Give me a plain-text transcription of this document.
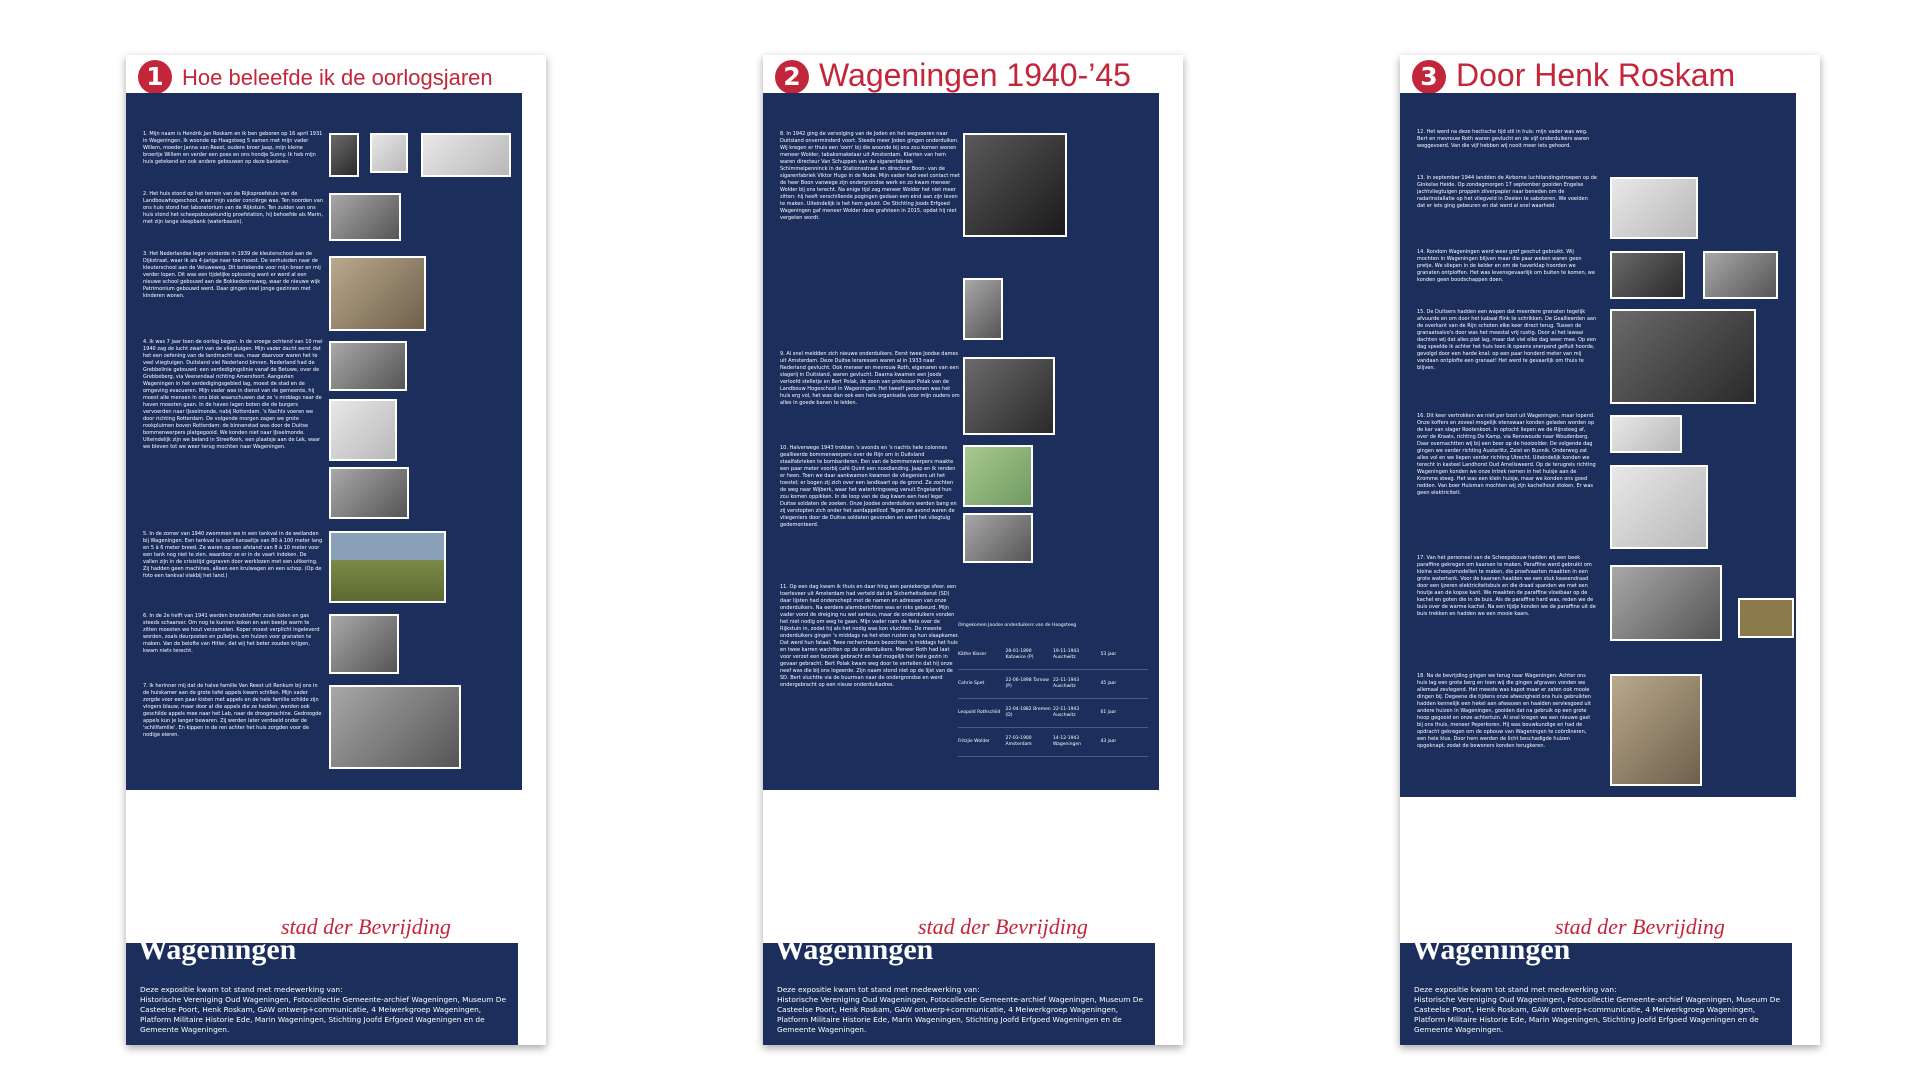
1 Hoe beleefde ik de oorlogsjaren
1. Mijn naam is Hendrik Jan Roskam en ik ben geboren op 16 april 1931 in Wageningen. Ik woonde op Haagsteeg 5 samen met mijn vader Willem, moeder Janna van Reest, oudere broer Jaap, mijn kleine broertje Willem en verder een poes en ons hondje Sunny. Ik heb mijn huis getekend en ook andere gebouwen op deze banieren.
2. Het huis stond op het terrein van de Rijksproefstuin van de Landbouwhogeschool, waar mijn vader conciërge was. Ten noorden van ons huis stond het laboratorium van de Rijkstuin. Ten zuiden van ons huis stond het scheepsbouwkundig proefstation, hij behoefde als Marin, met zijn lange sleepbank (waterbassin).
3. Het Nederlandse leger vorderde in 1939 de kleuterschool aan de Dijkstraat, waar ik als 4-jarige naar toe moest. De verhuisden naar de kleuterschool aan de Veluweweg. Dit betekende voor mijn broer en mij verder lopen. Dit was een tijdelijke oplossing want er werd al een nieuwe school gebouwd aan de Bokkedoornsweg, waar de nieuwe wijk Patrimonium gebouwd werd. Daar gingen veel jonge gezinnen met kinderen wonen.
4. Ik was 7 jaar toen de oorlog begon. In de vroege ochtend van 10 mei 1940 zag de lucht zwart van de vliegtuigen. Mijn vader dacht eerst dat het een oefening van de landmacht was, maar daarvoor waren het te veel vliegtuigen. Duitsland viel Nederland binnen. Nederland had de Grebbelinie gebouwd: een verdedigingslinie vanaf de Betuwe, over de Grebbeberg, via Veenendaal richting Amersfoort. Aangezien Wageningen in het verdedigingsgebied lag, moest de stad en de omgeving evacueren. Mijn vader was in dienst van de gemeente, hij moest alle mensen in ons blok waarschuwen dat ze 's middags naar de haven moesten gaan. In de haven lagen boten die de burgers vervoerden naar IJsselmonde, nabij Rotterdam. 's Nachts voeren we door richting Rotterdam. De volgende morgen zagen we grote rookpluimen boven Rotterdam: de binnenstad was door de Duitse bommenwerpers platgegooid. We konden niet naar IJsselmonde. Uiteindelijk zijn we beland in Streefkerk, een plaatsje aan de Lek, waar we bleven tot we weer terug mochten naar Wageningen.
5. In de zomer van 1940 zwommen we in een tankval in de weilanden bij Wageningen. Een tankval is soort kanaaltje van 80 à 100 meter lang en 5 à 6 meter breed. Ze waren op een afstand van 8 à 10 meter voor een tank nog niet te zien, waardoor ze er in de vaart indoken. De vallen zijn in de crisistijd gegraven door werklozen met een uitkering. Zij hadden geen machines, alleen een kruiwagen en een schop. (Op de foto een tankval vlakbij het land.)
6. In de 2e helft van 1941 werden brandstoffen zoals kolen en gas steeds schaarser. Om nog te kunnen koken en een beetje warm te zitten moesten we hout verzamelen. Koper moest verplicht ingeleverd worden, zoals deurposten en pulletjes, om hulzen voor granaten te maken. Van de belofte van Hitler, dat wij het beter zouden krijgen, kwam niets terecht.
7. Ik herinner mij dat de halve familie Van Reest uit Renkum bij ons in de huiskamer aan de grote tafel appels kwam schillen. Mijn vader zorgde voor een paar kisten met appels en de hele familie schilde zijn vingers blauw, maar door al die appels die ze hadden, werden ook geschilde appels mee naar het Lab, naar de droogmachine. Gedroogde appels kun je langer bewaren. Zij werden later verdeeld onder de 'schillfamilie'. En kippen in de ren achter het huis zorgden voor de nodige eieren.
stad der Bevrijding
Wageningen
Deze expositie kwam tot stand met medewerking van:
Historische Vereniging Oud Wageningen, Fotocollectie Gemeente-archief Wageningen, Museum De Casteelse Poort, Henk Roskam, GAW ontwerp+communicatie, 4 Meiwerkgroep Wageningen, Platform Militaire Historie Ede, Marin Wageningen, Stichting Joofd Erfgoed Wageningen en de Gemeente Wageningen.
2 Wageningen 1940-’45
8. In 1942 ging de vervolging van de Joden en het wegvoeren naar Duitsland onverminderd voort. Steeds meer Joden gingen onderduiken. Wij kregen er thuis een 'oom' bij die woonde bij ons zou komen wonen meneer Wolder, tabaksmakelaar uit Amsterdam. Klanten van hem waren directeur Van Schuppen van de sigarenfabriek Schimmelpenninck in de Stationsstraat en directeur Boon- van de sigarenfabriek Viktor Hugo in de Nude. Mijn vader had veel contact met de heer Boon vanwege zijn ondergrondse werk en zo kwam meneer Wolder bij ons terecht. Na enige tijd zag meneer Wolder het niet meer zitten: hij heeft verschillende pogingen gedaan een eind aan zijn leven te maken. Uiteindelijk is het hem gelukt. De Stichting Joods Erfgoed Wageningen gaf meneer Wolder deze grafsteen in 2015, opdat hij niet vergeten wordt.
9. Al snel meldden zich nieuwe onderduikers. Eerst twee Joodse dames uit Amsterdam. Deze Duitse leraressen waren al in 1933 naar Nederland gevlucht. Ook meneer en mevrouw Roth, eigenaren van een slagerij in Duitsland, waren gevlucht. Daarna kwamen een Joods verloofd stelletje en Bert Polak, de zoon van professor Polak van de Landbouw Hogeschool in Wageningen. Het tweelf personen was het huis erg vol, het was dan ook een hele organisatie voor mijn ouders om alles in goede banen te leiden.
10. Halverwege 1943 trokken 's avonds en 's nachts hele colonnes geallieerde bommenwerpers over de Rijn om in Duitsland staalfabrieken te bombarderen. Een van de bommenwerpers maakte een paar meter voorbij café Quint een noodlanding. Jaap en ik renden er heen. Toen we daar aankwamen kwamen de vliegeniers uit het toestel; er bogen zij zich over een landkaart op de grond. Ze zochten de weg naar Wijberk, waar het waterkringsweg vanuit Engeland hun zou komen oppikken. In de loop van de dag kwam een heel leger Duitse soldaten de zoeken. Onze Joodse onderduikers werden bang en zij verstopten zich onder het aardappelloof. Tegen de avond waren de vliegeniers door de Duitse soldaten gevonden en werd het vliegtuig gedemonteerd.
11. Op een dag kwam ik thuis en daar hing een paniekerige sfeer. een toerleveer uit Amsterdam had verteld dat de Sicherheitsdienst (SD) daar lijsten had onderschept met de namen en adressen van onze onderduikers. Na eerdere alarmberichten was er niks gebeurd. Mijn vader vond de dreiging nu wel serieus, maar de onderduikers vonden het niet nodig om weg te gaan. Mijn vader nam de fiets over de Rijkstuin in, zodat hij als het nodig was kon vluchten. De meeste onderduikers gingen 's middags na het eten rusten op hun slaapkamer. Dat werd hun fataal. Twee rechercheurs bezochten 's middags het huis en twee karren wachtten op de onderduikers. Meneer Roth had laat voor verzet een bezoek gebracht en had mogelijk het hele gezin in gevaar gebracht. Bert Polak kwam weg door te vertellen dat hij onze neef was die bij ons logeerde. Zijn naam stond niet op de lijst van de SD. Bert vluchtte via de buurman naar de ondergrondse en werd ondergebracht op een nieuw onderduikadres.
Omgekomen Joodse onderduikers van de Haagsteeg
Käthe Kloser
28-01-1890 Katowice (P)
19-11-1943 Auschwitz
53 jaar
Cahrie Spet
22-06-1898 Tarnow (P)
22-11-1943 Auschwitz
45 jaar
Leopold Rothschild
22-04-1882 Bremen (D)
22-11-1943 Auschwitz
61 jaar
Fritzjie Wolder
27-03-1900 Amsterdam
14-12-1943 Wageningen
43 jaar
stad der Bevrijding
Wageningen
Deze expositie kwam tot stand met medewerking van:
Historische Vereniging Oud Wageningen, Fotocollectie Gemeente-archief Wageningen, Museum De Casteelse Poort, Henk Roskam, GAW ontwerp+communicatie, 4 Meiwerkgroep Wageningen, Platform Militaire Historie Ede, Marin Wageningen, Stichting Joofd Erfgoed Wageningen en de Gemeente Wageningen.
3 Door Henk Roskam
12. Het werd na deze hectische tijd stil in huis: mijn vader was weg. Bert en mevrouw Roth waren gevlucht en de vijf onderduikers waren weggevoerd. Van die vijf hebben wij nooit meer iets gehoord.
13. In september 1944 landden de Airborne luchtlandingstroepen op de Ginkelse Heide. Op zondagmorgen 17 september gooiden Engelse jachtvliegtuigen proppen zilverpapier naar beneden om de radarinstallatie op het vliegveld in Deelen te saboteren. We voelden dat er iets ging gebeuren en dat werd al snel waarheid.
14. Rondom Wageningen werd weer grof geschut gebruikt. Wij mochten in Wageningen blijven maar die paar weken waren geen pretje. We sliepen in de kelder en om de haverklap hoorden we granaten ontploffen. Het was levensgevaarlijk om buiten te komen, we konden geen boodschappen doen.
15. De Duitsers hadden een wapen dat meerdere granaten tegelijk afvuurde en om door het kabaal flink te schrikken. De Geallieerden aan de overkant van de Rijn schoten elke keer direct terug. Tussen de granaatsalvo's door was het meestal vrij rustig. Door al het lawaai dachten wij dat alles plat lag, maar dat viel elke dag weer mee. Op een dag speelde ik achter het huis toen ik opeens snerpend gefluit hoorde, gevolgd door een harde knal: op een paar honderd meter van mij vandaan ontplofte een granaat! Het werd te gevaarlijk om thuis te blijven.
16. Dit keer vertrokken we niet per boot uit Wageningen, maar lopend. Onze koffers en zoveel mogelijk etenswaar konden geladen worden op de kar van slager Rootenkoot. In optocht liepen we de Rijnsteeg af, over de Kraats, richting De Kamp, via Renswoude naar Woudenberg. Daar overnachtten wij bij een boer op de hooizolder. De volgende dag gingen we verder richting Austerlitz, Zeist en Bunnik. Onderweg zat alles vol en we liepen verder richting Utrecht. Uiteindelijk konden we terecht in kasteel Landhorst Oud Amelisweerd. Op de terugreis richting Wageningen konden we onze intrek nemen in het huisje aan de Kromme steeg. Het was een klein huisje, maar we konden ons goed redden. Van boer Huisman mochten wij zijn kachelhout stoken. Er was geen elektriciteit.
17. Van het personeel van de Scheepsbouw hadden wij een beek paraffine gekregen om kaarsen te maken. Paraffine werd gebruikt om kleine scheepsmodellen te maken, die proefvaarten maakten in een grote watertank. Voor de kaarsen haalden we een stuk kaasendraad door een ijzeren elektriciteitsbuis en die draad spanden we met een houtje aan de kopse kant. We maakten de paraffine vloeibaar op de kachel en goten die in de buis. Als de paraffine hard was, reden we de buis over de warme kachel. Na een tijdje konden we de paraffine uit de buis trekken en hadden we een mooie kaars.
18. Na de bevrijding gingen we terug naar Wageningen. Achter ons huis lag een grote berg en toen wij die gingen afgraven vonden we allemaal zevlegend. Het meeste was kapot maar er zaten ook mooie dingen bij. Degeene die tijdens onze afwezigheid ons huis gebruikten hadden kennelijk een hekel aan afwassen en haalden serviesgoed uit andere huizen in Wageningen, gooiden dat na gebruik op een grote hoop gegooid en onze achtertuin. Al snel kregen we een nieuwe gast bij ons thuis, meneer Peperkoren. Hij was bouwkundige en had de opdracht gekregen om de opbouw van Wageningen te coördineren, een hele klus. Door hem werden de licht beschadigde huizen opgeknapt, zodat de bewoners konden terugkeren.
stad der Bevrijding
Wageningen
Deze expositie kwam tot stand met medewerking van:
Historische Vereniging Oud Wageningen, Fotocollectie Gemeente-archief Wageningen, Museum De Casteelse Poort, Henk Roskam, GAW ontwerp+communicatie, 4 Meiwerkgroep Wageningen, Platform Militaire Historie Ede, Marin Wageningen, Stichting Joofd Erfgoed Wageningen en de Gemeente Wageningen.
